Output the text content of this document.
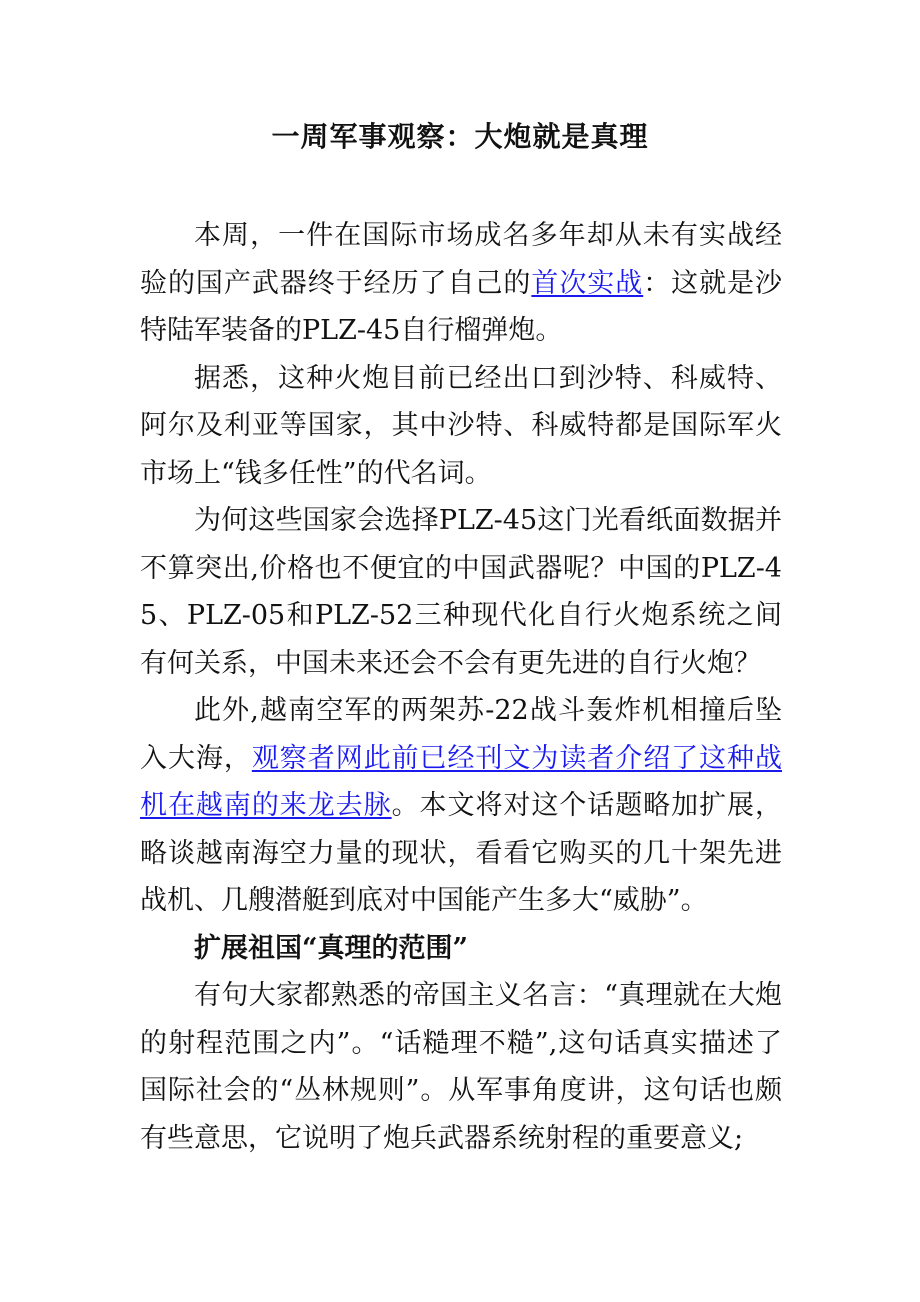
一周军事观察：大炮就是真理

本周，一件在国际市场成名多年却从未有实战经验的国产武器终于经历了自己的首次实战：这就是沙特陆军装备的PLZ-45自行榴弹炮。

据悉，这种火炮目前已经出口到沙特、科威特、阿尔及利亚等国家，其中沙特、科威特都是国际军火市场上“钱多任性”的代名词。

为何这些国家会选择PLZ-45这门光看纸面数据并不算突出,价格也不便宜的中国武器呢？中国的PLZ-45、PLZ-05和PLZ-52三种现代化自行火炮系统之间有何关系，中国未来还会不会有更先进的自行火炮？

此外,越南空军的两架苏-22战斗轰炸机相撞后坠入大海，观察者网此前已经刊文为读者介绍了这种战机在越南的来龙去脉。本文将对这个话题略加扩展，略谈越南海空力量的现状，看看它购买的几十架先进战机、几艘潜艇到底对中国能产生多大“威胁”。

扩展祖国“真理的范围”

有句大家都熟悉的帝国主义名言：“真理就在大炮的射程范围之内”。“话糙理不糙”,这句话真实描述了国际社会的“丛林规则”。从军事角度讲，这句话也颇有些意思，它说明了炮兵武器系统射程的重要意义;
